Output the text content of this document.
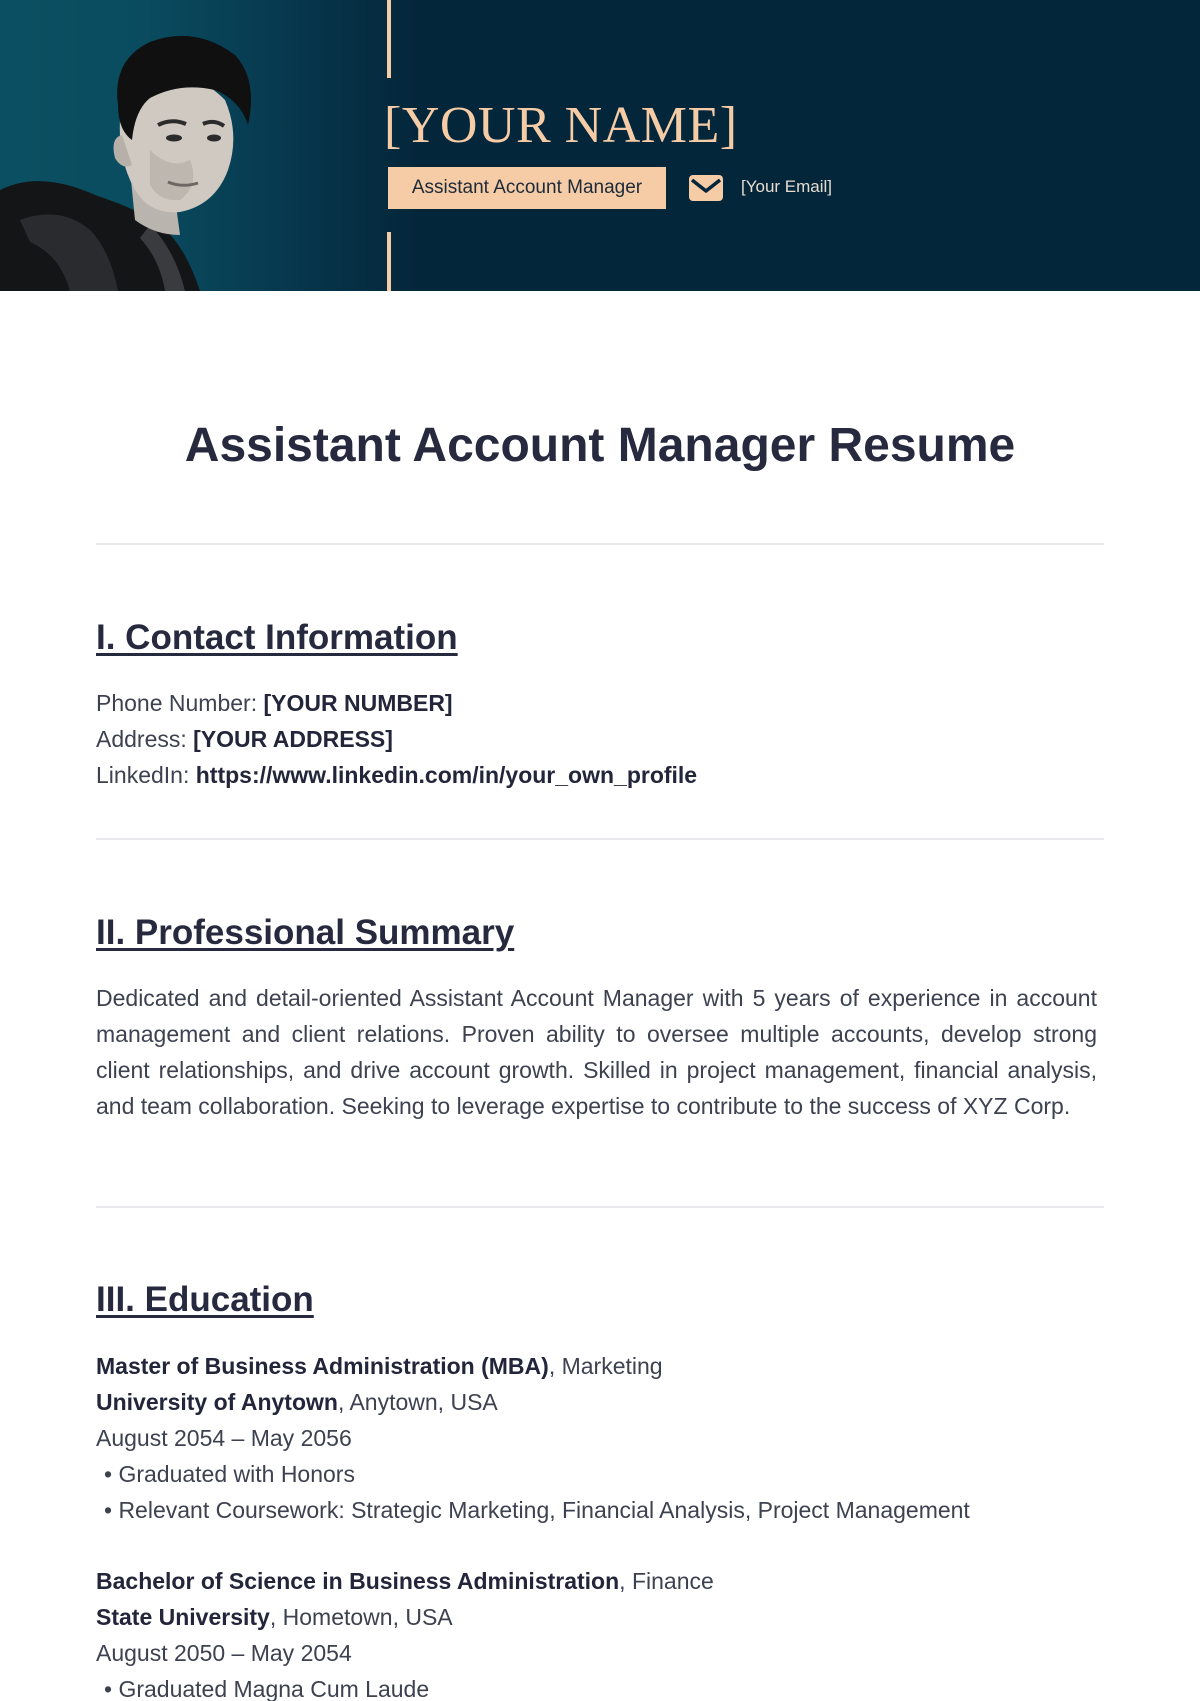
[YOUR NAME]
Assistant Account Manager	[Your Email]
Assistant Account Manager Resume
I. Contact Information
Phone Number: [YOUR NUMBER]
Address: [YOUR ADDRESS]
LinkedIn: https://www.linkedin.com/in/your_own_profile
II. Professional Summary
Dedicated and detail-oriented Assistant Account Manager with 5 years of experience in account management and client relations. Proven ability to oversee multiple accounts, develop strong client relationships, and drive account growth. Skilled in project management, financial analysis, and team collaboration. Seeking to leverage expertise to contribute to the success of XYZ Corp.
III. Education
Master of Business Administration (MBA), Marketing
University of Anytown, Anytown, USA
August 2054 – May 2056
• Graduated with Honors
• Relevant Coursework: Strategic Marketing, Financial Analysis, Project Management
Bachelor of Science in Business Administration, Finance
State University, Hometown, USA
August 2050 – May 2054
• Graduated Magna Cum Laude
